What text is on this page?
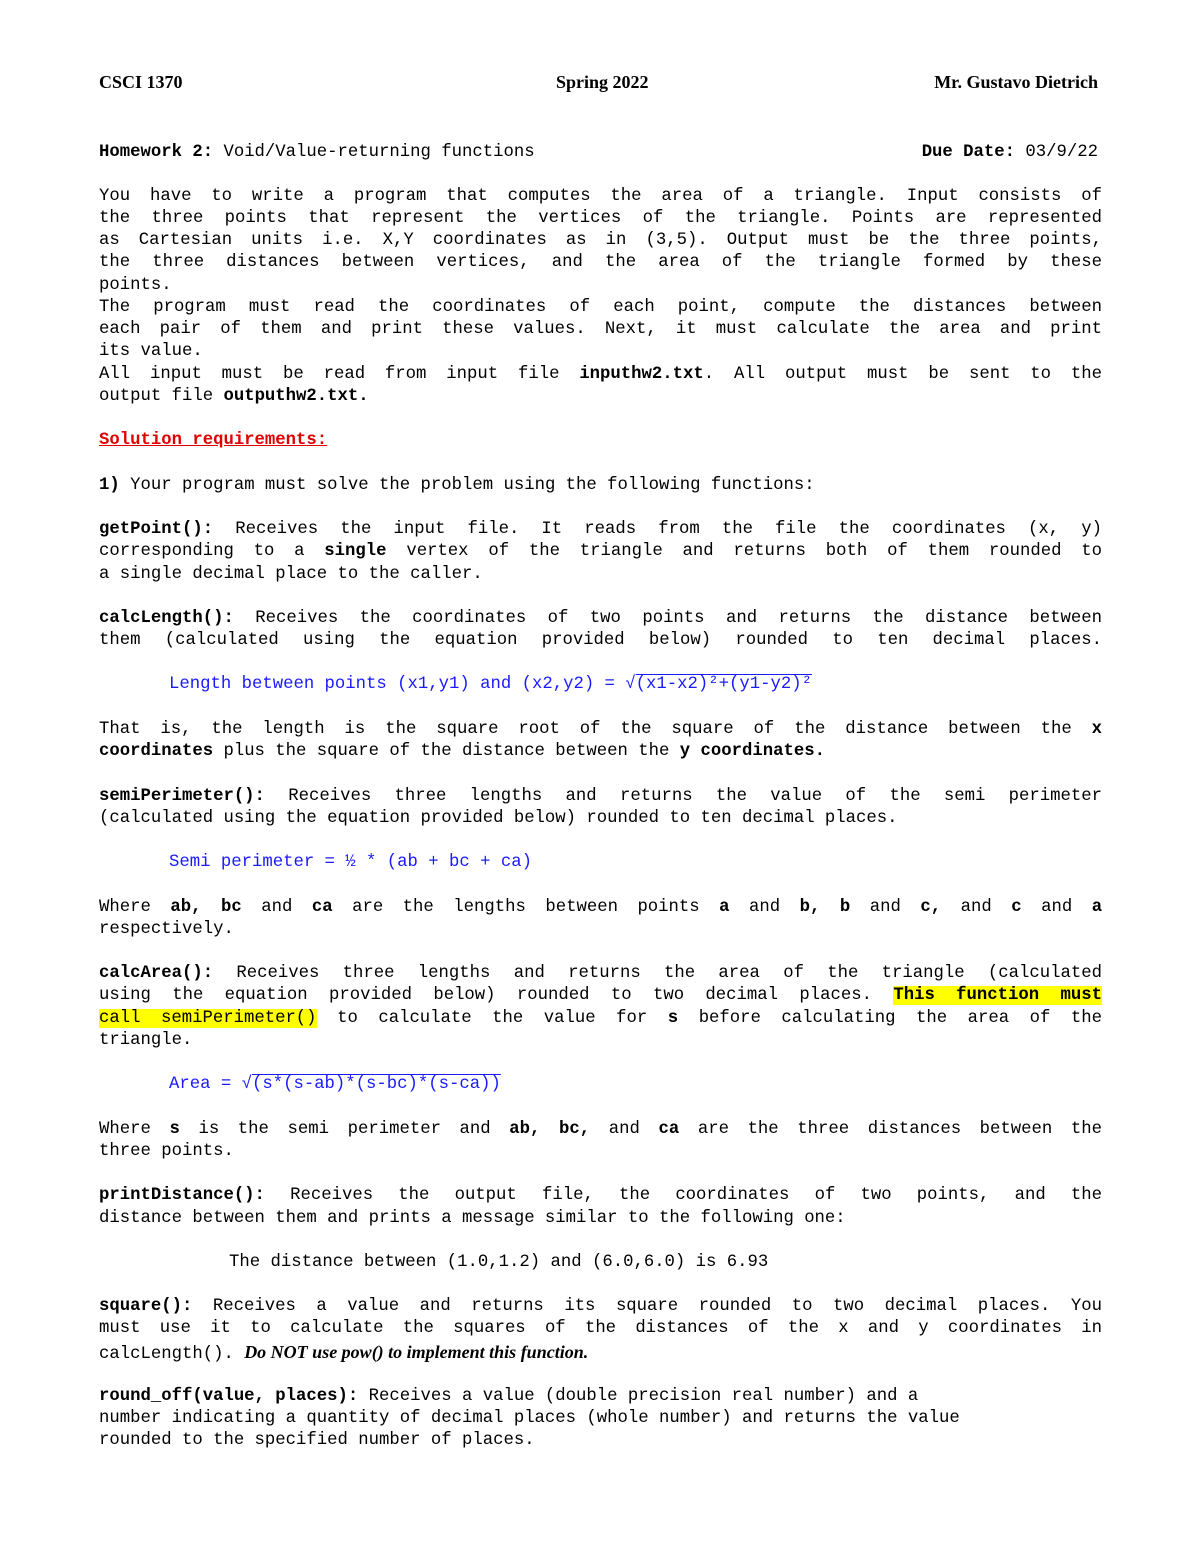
CSCI 1370	Spring 2022	Mr. Gustavo Dietrich
Homework 2: Void/Value-returning functions	Due Date: 03/9/22
You have to write a program that computes the area of a triangle. Input consists of
the three points that represent the vertices of the triangle. Points are represented
as Cartesian units i.e. X,Y coordinates as in (3,5). Output must be the three points,
the three distances between vertices, and the area of the triangle formed by these
points.
The program must read the coordinates of each point, compute the distances between
each pair of them and print these values. Next, it must calculate the area and print
its value.
All input must be read from input file inputhw2.txt. All output must be sent to the
output file outputhw2.txt.
Solution requirements:
1) Your program must solve the problem using the following functions:
getPoint(): Receives the input file. It reads from the file the coordinates (x, y)
corresponding to a single vertex of the triangle and returns both of them rounded to
a single decimal place to the caller.
calcLength(): Receives the coordinates of two points and returns the distance between
them (calculated using the equation provided below) rounded to ten decimal places.
Length between points (x1,y1) and (x2,y2) = √(x1-x2)²+(y1-y2)²
That is, the length is the square root of the square of the distance between the x
coordinates plus the square of the distance between the y coordinates.
semiPerimeter(): Receives three lengths and returns the value of the semi perimeter
(calculated using the equation provided below) rounded to ten decimal places.
Semi perimeter = ½ * (ab + bc + ca)
Where ab, bc and ca are the lengths between points a and b, b and c, and c and a
respectively.
calcArea(): Receives three lengths and returns the area of the triangle (calculated
using the equation provided below) rounded to two decimal places. This function must
call semiPerimeter() to calculate the value for s before calculating the area of the
triangle.
Area = √(s*(s-ab)*(s-bc)*(s-ca))
Where s is the semi perimeter and ab, bc, and ca are the three distances between the
three points.
printDistance(): Receives the output file, the coordinates of two points, and the
distance between them and prints a message similar to the following one:
The distance between (1.0,1.2) and (6.0,6.0) is 6.93
square(): Receives a value and returns its square rounded to two decimal places. You
must use it to calculate the squares of the distances of the x and y coordinates in
calcLength(). Do NOT use pow() to implement this function.
round_off(value, places): Receives a value (double precision real number) and a
number indicating a quantity of decimal places (whole number) and returns the value
rounded to the specified number of places.
